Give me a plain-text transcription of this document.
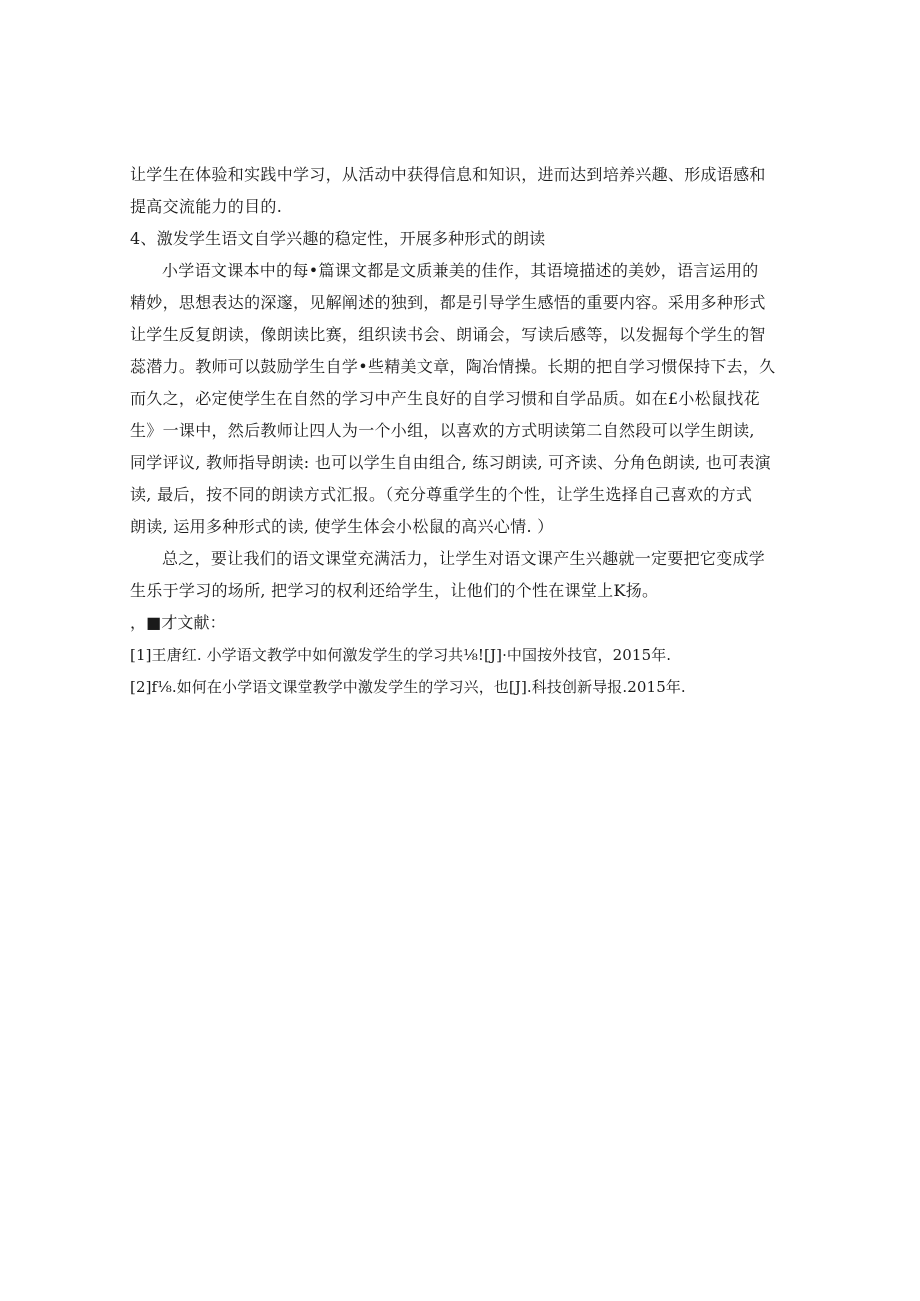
让学生在体验和实践中学习，从活动中获得信息和知识，进而达到培养兴趣、形成语感和
提高交流能力的目的.
4、激发学生语文自学兴趣的稳定性，开展多种形式的朗读
小学语文课本中的每•篇课文都是文质兼美的佳作，其语境描述的美妙，语言运用的
精妙，思想表达的深邃，见解阐述的独到，都是引导学生感悟的重要内容。采用多种形式
让学生反复朗读，像朗读比赛，组织读书会、朗诵会，写读后感等，以发掘每个学生的智
蕊潜力。教师可以鼓励学生自学•些精美文章，陶冶情操。长期的把自学习惯保持下去，久
而久之，必定使学生在自然的学习中产生良好的自学习惯和自学品质。如在£小松鼠找花
生》一课中，然后教师让四人为一个小组，以喜欢的方式明读第二自然段可以学生朗读,
同学评议, 教师指导朗读: 也可以学生自由组合, 练习朗读, 可齐读、分角色朗读, 也可表演
读, 最后，按不同的朗读方式汇报。（充分尊重学生的个性，让学生选择自己喜欢的方式
朗读, 运用多种形式的读, 使学生体会小松鼠的高兴心情. ）
总之，要让我们的语文课堂充满活力，让学生对语文课产生兴趣就一定要把它变成学
生乐于学习的场所, 把学习的权利还给学生，让他们的个性在课堂上K扬。
，■才文献：
[1]王唐红. 小学语文教学中如何激发学生的学习共⅛![J]·中国按外技官，2015年.
[2]f⅛.如何在小学语文课堂教学中激发学生的学习兴，也[J].科技创新导报.2015年.
